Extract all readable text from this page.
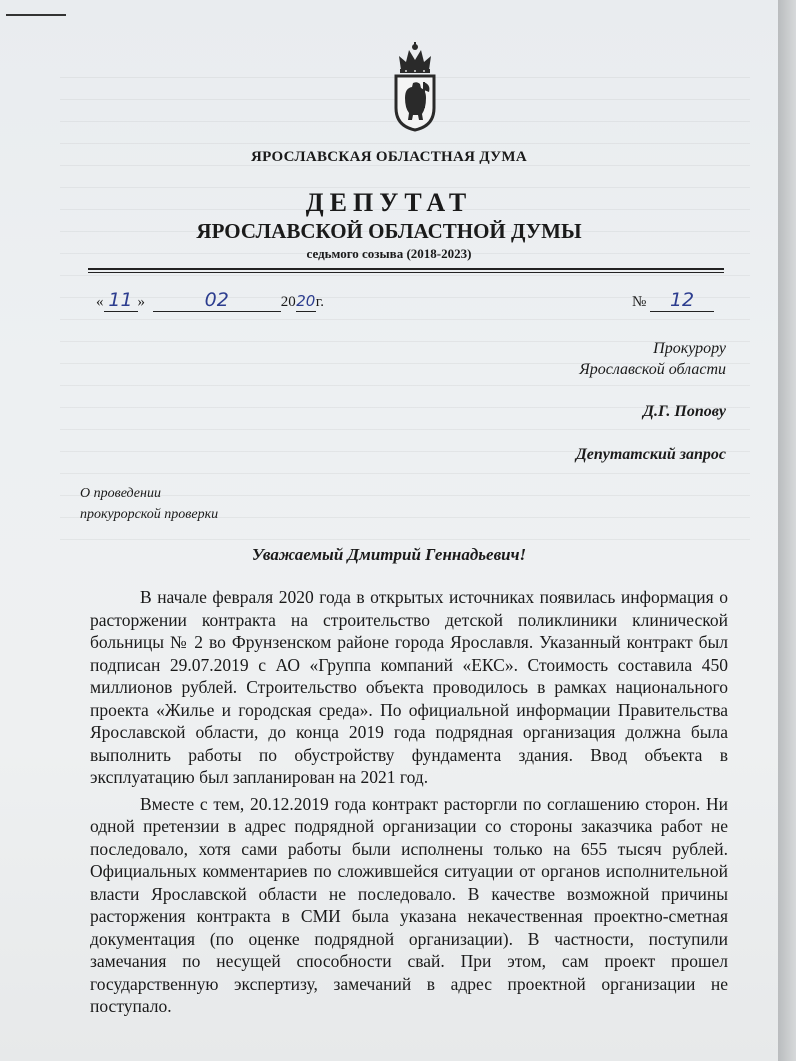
ЯРОСЛАВСКАЯ ОБЛАСТНАЯ ДУМА
ДЕПУТАТ
ЯРОСЛАВСКОЙ ОБЛАСТНОЙ ДУМЫ
седьмого созыва (2018-2023)
« 11 »	02	2020г.	№ 12
Прокурору
Ярославской области
Д.Г. Попову
Депутатский запрос
О проведении
прокурорской проверки
Уважаемый Дмитрий Геннадьевич!

В начале февраля 2020 года в открытых источниках появилась информация о расторжении контракта на строительство детской поликлиники клинической больницы № 2 во Фрунзенском районе города Ярославля. Указанный контракт был подписан 29.07.2019 с АО «Группа компаний «ЕКС». Стоимость составила 450 миллионов рублей. Строительство объекта проводилось в рамках национального проекта «Жилье и городская среда». По официальной информации Правительства Ярославской области, до конца 2019 года подрядная организация должна была выполнить работы по обустройству фундамента здания. Ввод объекта в эксплуатацию был запланирован на 2021 год.

Вместе с тем, 20.12.2019 года контракт расторгли по соглашению сторон. Ни одной претензии в адрес подрядной организации со стороны заказчика работ не последовало, хотя сами работы были исполнены только на 655 тысяч рублей. Официальных комментариев по сложившейся ситуации от органов исполнительной власти Ярославской области не последовало. В качестве возможной причины расторжения контракта в СМИ была указана некачественная проектно-сметная документация (по оценке подрядной организации). В частности, поступили замечания по несущей способности свай. При этом, сам проект прошел государственную экспертизу, замечаний в адрес проектной организации не поступало.
